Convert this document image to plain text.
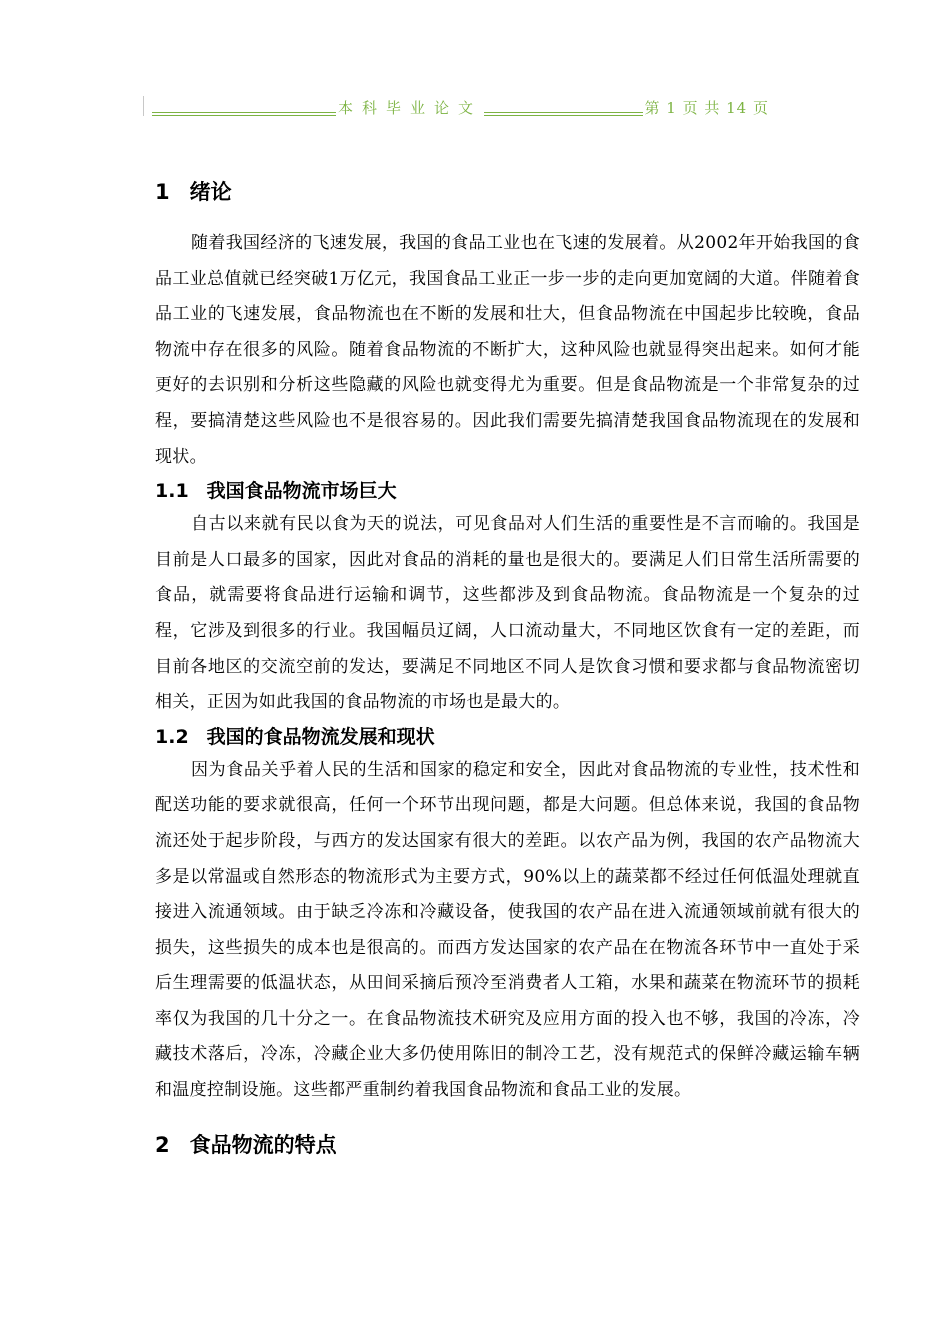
本科毕业论文	第 1 页 共 14 页
1 绪论

随着我国经济的飞速发展，我国的食品工业也在飞速的发展着。从2002年开始我国的食品工业总值就已经突破1万亿元，我国食品工业正一步一步的走向更加宽阔的大道。伴随着食品工业的飞速发展，食品物流也在不断的发展和壮大，但食品物流在中国起步比较晚，食品物流中存在很多的风险。随着食品物流的不断扩大，这种风险也就显得突出起来。如何才能更好的去识别和分析这些隐藏的风险也就变得尤为重要。但是食品物流是一个非常复杂的过程，要搞清楚这些风险也不是很容易的。因此我们需要先搞清楚我国食品物流现在的发展和现状。

1.1 我国食品物流市场巨大

自古以来就有民以食为天的说法，可见食品对人们生活的重要性是不言而喻的。我国是目前是人口最多的国家，因此对食品的消耗的量也是很大的。要满足人们日常生活所需要的食品，就需要将食品进行运输和调节，这些都涉及到食品物流。食品物流是一个复杂的过程，它涉及到很多的行业。我国幅员辽阔，人口流动量大，不同地区饮食有一定的差距，而目前各地区的交流空前的发达，要满足不同地区不同人是饮食习惯和要求都与食品物流密切相关，正因为如此我国的食品物流的市场也是最大的。

1.2 我国的食品物流发展和现状

因为食品关乎着人民的生活和国家的稳定和安全，因此对食品物流的专业性，技术性和配送功能的要求就很高，任何一个环节出现问题，都是大问题。但总体来说，我国的食品物流还处于起步阶段，与西方的发达国家有很大的差距。以农产品为例，我国的农产品物流大多是以常温或自然形态的物流形式为主要方式，90%以上的蔬菜都不经过任何低温处理就直接进入流通领域。由于缺乏冷冻和冷藏设备，使我国的农产品在进入流通领域前就有很大的损失，这些损失的成本也是很高的。而西方发达国家的农产品在在物流各环节中一直处于采后生理需要的低温状态，从田间采摘后预冷至消费者人工箱，水果和蔬菜在物流环节的损耗率仅为我国的几十分之一。在食品物流技术研究及应用方面的投入也不够，我国的冷冻，冷藏技术落后，冷冻，冷藏企业大多仍使用陈旧的制冷工艺，没有规范式的保鲜冷藏运输车辆和温度控制设施。这些都严重制约着我国食品物流和食品工业的发展。

2 食品物流的特点
